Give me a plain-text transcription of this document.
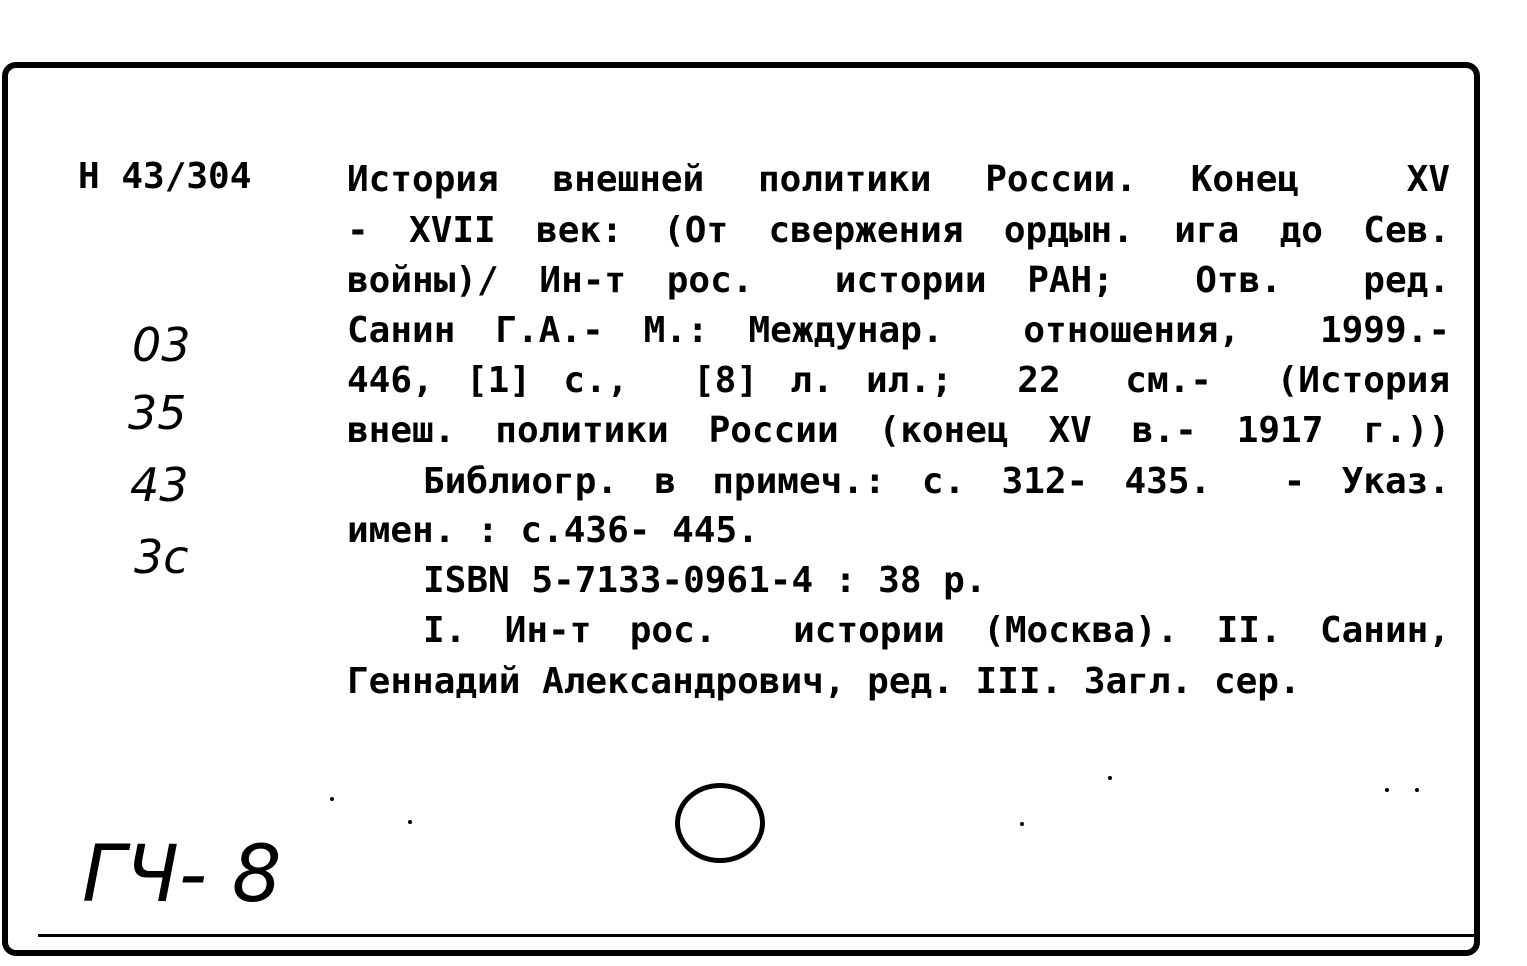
Н 43/304
03
35
43
3c
ГЧ- 8

История внешней политики России. Конец  XV

- XVII век: (От свержения ордын. ига до Сев.

войны)/ Ин-т рос.  истории РАН;  Отв.  ред.

Санин Г.А.- М.: Междунар.  отношения,  1999.-

446, [1] с.,  [8] л. ил.;  22  см.-  (История

внеш. политики России (конец XV в.- 1917 г.))

Библиогр. в примеч.: с. 312- 435.  - Указ.

имен. : с.436- 445.

ISBN 5-7133-0961-4 : 38 р.

I. Ин-т рос.  истории (Москва). II. Санин,

Геннадий Александрович, ред. III. Загл. сер.
